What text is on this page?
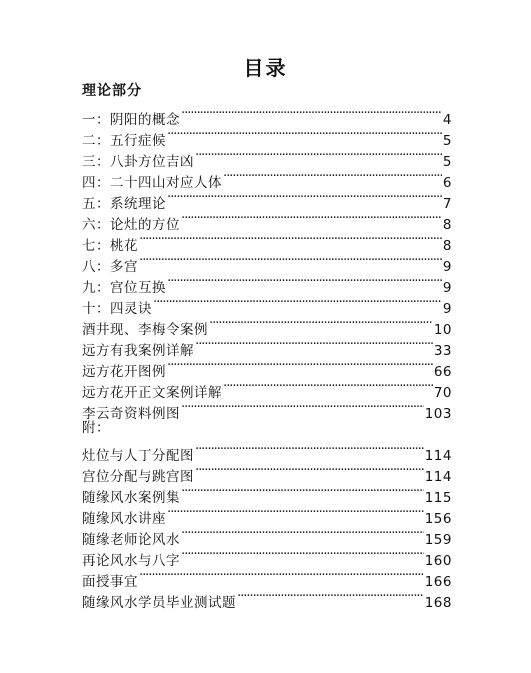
目录
理论部分
一：阴阳的概念 ·····	4
二：五行症候 ·····	5
三：八卦方位吉凶 ·····	5
四：二十四山对应人体 ·····	6
五：系统理论 ·····	7
六：论灶的方位 ·····	8
七：桃花 ·····	8
八：多宫 ·····	9
九：宫位互换 ·····	9
十：四灵诀 ·····	9
酒井现、李梅令案例 ·····	10
远方有我案例详解 ·····	33
远方花开图例 ·····	66
远方花开正文案例详解 ·····	70
李云奇资料例图 ·····	103
附：
灶位与人丁分配图 ·····	114
宫位分配与跳宫图 ·····	114
随缘风水案例集 ·····	115
随缘风水讲座 ·····	156
随缘老师论风水 ·····	159
再论风水与八字 ·····	160
面授事宜 ·····	166
随缘风水学员毕业测试题 ·····	168
